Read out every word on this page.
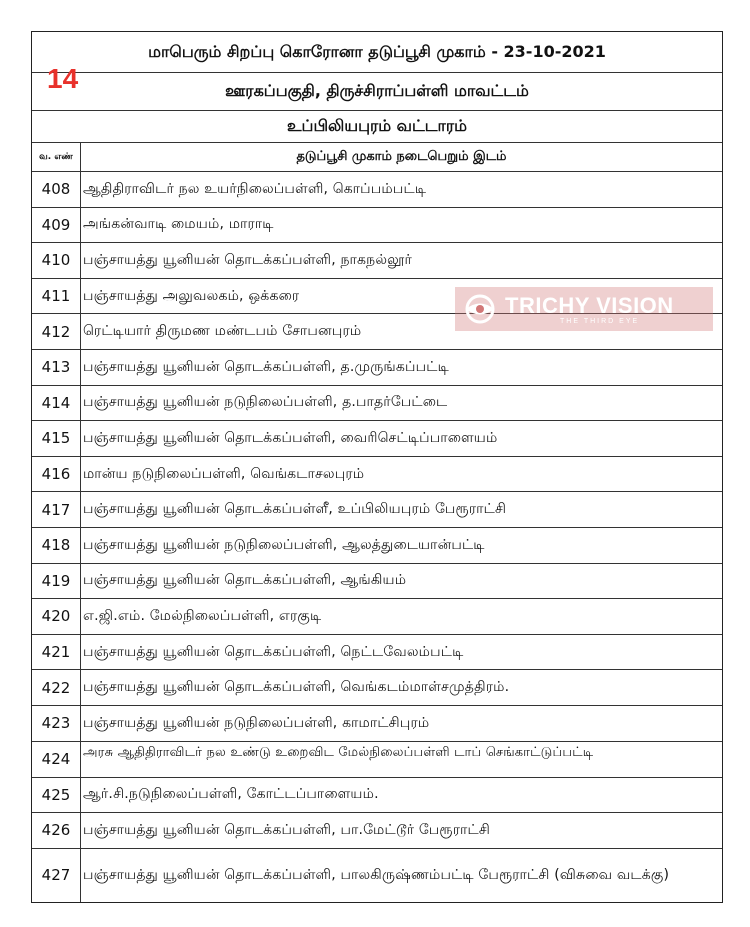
மாபெரும் சிறப்பு கொரோனா தடுப்பூசி முகாம் - 23-10-2021
ஊரகப்பகுதி, திருச்சிராப்பள்ளி மாவட்டம்
உப்பிலியபுரம் வட்டாரம்
வ. எண்	தடுப்பூசி முகாம் நடைபெறும் இடம்
408 ஆதிதிராவிடர் நல உயர்நிலைப்பள்ளி, கொப்பம்பட்டி
409 அங்கன்வாடி மையம், மாராடி
410 பஞ்சாயத்து யூனியன் தொடக்கப்பள்ளி, நாகநல்லூர்
411 பஞ்சாயத்து அலுவலகம், ஒக்கரை
412 ரெட்டியார் திருமண மண்டபம் சோபனபுரம்
413 பஞ்சாயத்து யூனியன் தொடக்கப்பள்ளி, த.முருங்கப்பட்டி
414 பஞ்சாயத்து யூனியன் நடுநிலைப்பள்ளி, த.பாதர்பேட்டை
415 பஞ்சாயத்து யூனியன் தொடக்கப்பள்ளி, வைரிசெட்டிப்பாளையம்
416 மான்ய நடுநிலைப்பள்ளி, வெங்கடாசலபுரம்
417 பஞ்சாயத்து யூனியன் தொடக்கப்பள்ளீ, உப்பிலியபுரம் பேரூராட்சி
418 பஞ்சாயத்து யூனியன் நடுநிலைப்பள்ளி, ஆலத்துடையான்பட்டி
419 பஞ்சாயத்து யூனியன் தொடக்கப்பள்ளி, ஆங்கியம்
420 எ.ஜி.எம். மேல்நிலைப்பள்ளி, எரகுடி
421 பஞ்சாயத்து யூனியன் தொடக்கப்பள்ளி, நெட்டவேலம்பட்டி
422 பஞ்சாயத்து யூனியன் தொடக்கப்பள்ளி, வெங்கடம்மாள்சமுத்திரம்.
423 பஞ்சாயத்து யூனியன் நடுநிலைப்பள்ளி, காமாட்சிபுரம்
424 அரசு ஆதிதிராவிடர் நல உண்டு உறைவிட மேல்நிலைப்பள்ளி டாப் செங்காட்டுப்பட்டி
425 ஆர்.சி.நடுநிலைப்பள்ளி, கோட்டப்பாளையம்.
426 பஞ்சாயத்து யூனியன் தொடக்கப்பள்ளி, பா.மேட்டூர் பேரூராட்சி
427 பஞ்சாயத்து யூனியன் தொடக்கப்பள்ளி, பாலகிருஷ்ணம்பட்டி பேரூராட்சி (விசுவை வடக்கு)
14
TRICHY VISION
THE THIRD EYE
